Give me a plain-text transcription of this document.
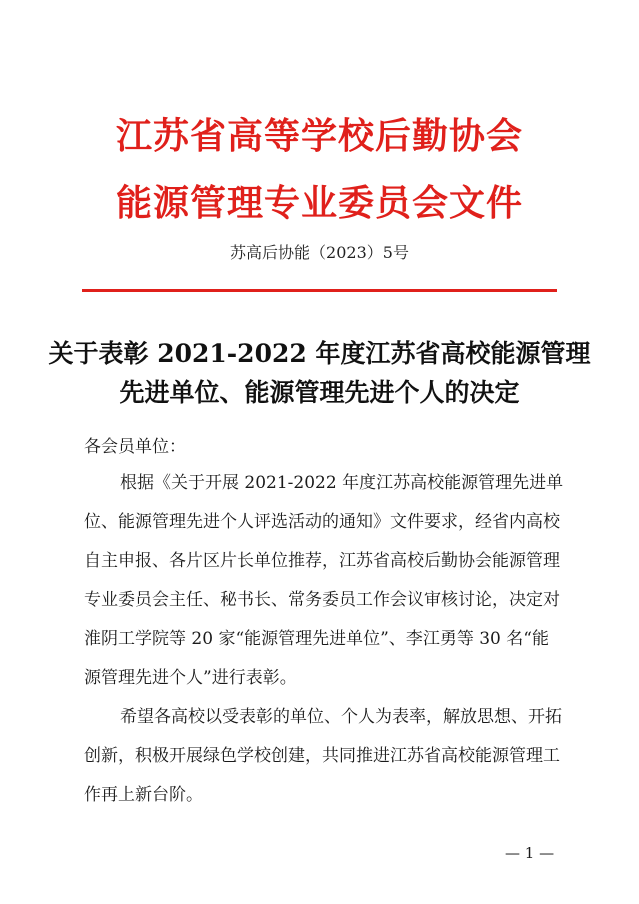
江苏省高等学校后勤协会
能源管理专业委员会文件
苏高后协能（2023）5号
关于表彰 2021-2022 年度江苏省高校能源管理
先进单位、能源管理先进个人的决定
各会员单位：
根据《关于开展 2021-2022 年度江苏高校能源管理先进单
位、能源管理先进个人评选活动的通知》文件要求，经省内高校
自主申报、各片区片长单位推荐，江苏省高校后勤协会能源管理
专业委员会主任、秘书长、常务委员工作会议审核讨论，决定对
淮阴工学院等 20 家“能源管理先进单位”、李江勇等 30 名“能
源管理先进个人”进行表彰。
希望各高校以受表彰的单位、个人为表率，解放思想、开拓
创新，积极开展绿色学校创建，共同推进江苏省高校能源管理工
作再上新台阶。
— 1 —
